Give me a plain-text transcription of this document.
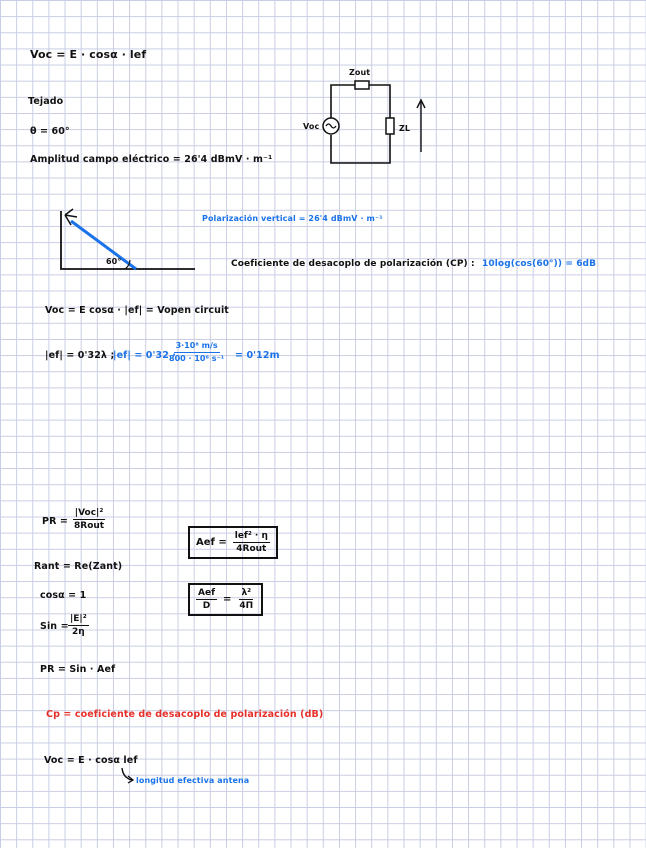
Voc = E · cosα · lef
Zout
Voc	ZL
Tejado
θ = 60°
Amplitud campo eléctrico = 26'4 dBmV · m⁻¹
60°
Polarización vertical = 26'4 dBmV · m⁻¹
Coeficiente de desacoplo de polarización (CP) : 10log(cos(60°)) = 6dB
Voc = E cosα · |ef| = Vopen circuit
|ef| = 0'32λ ;
|ef| = 0'32 ·
$\frac{\text{3·10⁸ m/s}}{\text{800 · 10⁶ s⁻¹}} = 0'12m$
PR =
|Voc|²
8Rout
Aef = $\frac{\text{lef² · η}}{\text{4Rout}}$
Rant = Re(Zant)
cosα = 1	$\frac{\text{Aef}}{D} = \frac{\text{λ²}}{4\Pi}$
Sin = $\frac{\text{|E|²}}{2\eta}$
PR = Sin · Aef
Cp = coeficiente de desacoplo de polarización (dB)
Voc = E · cosα lef
longitud efectiva antena
